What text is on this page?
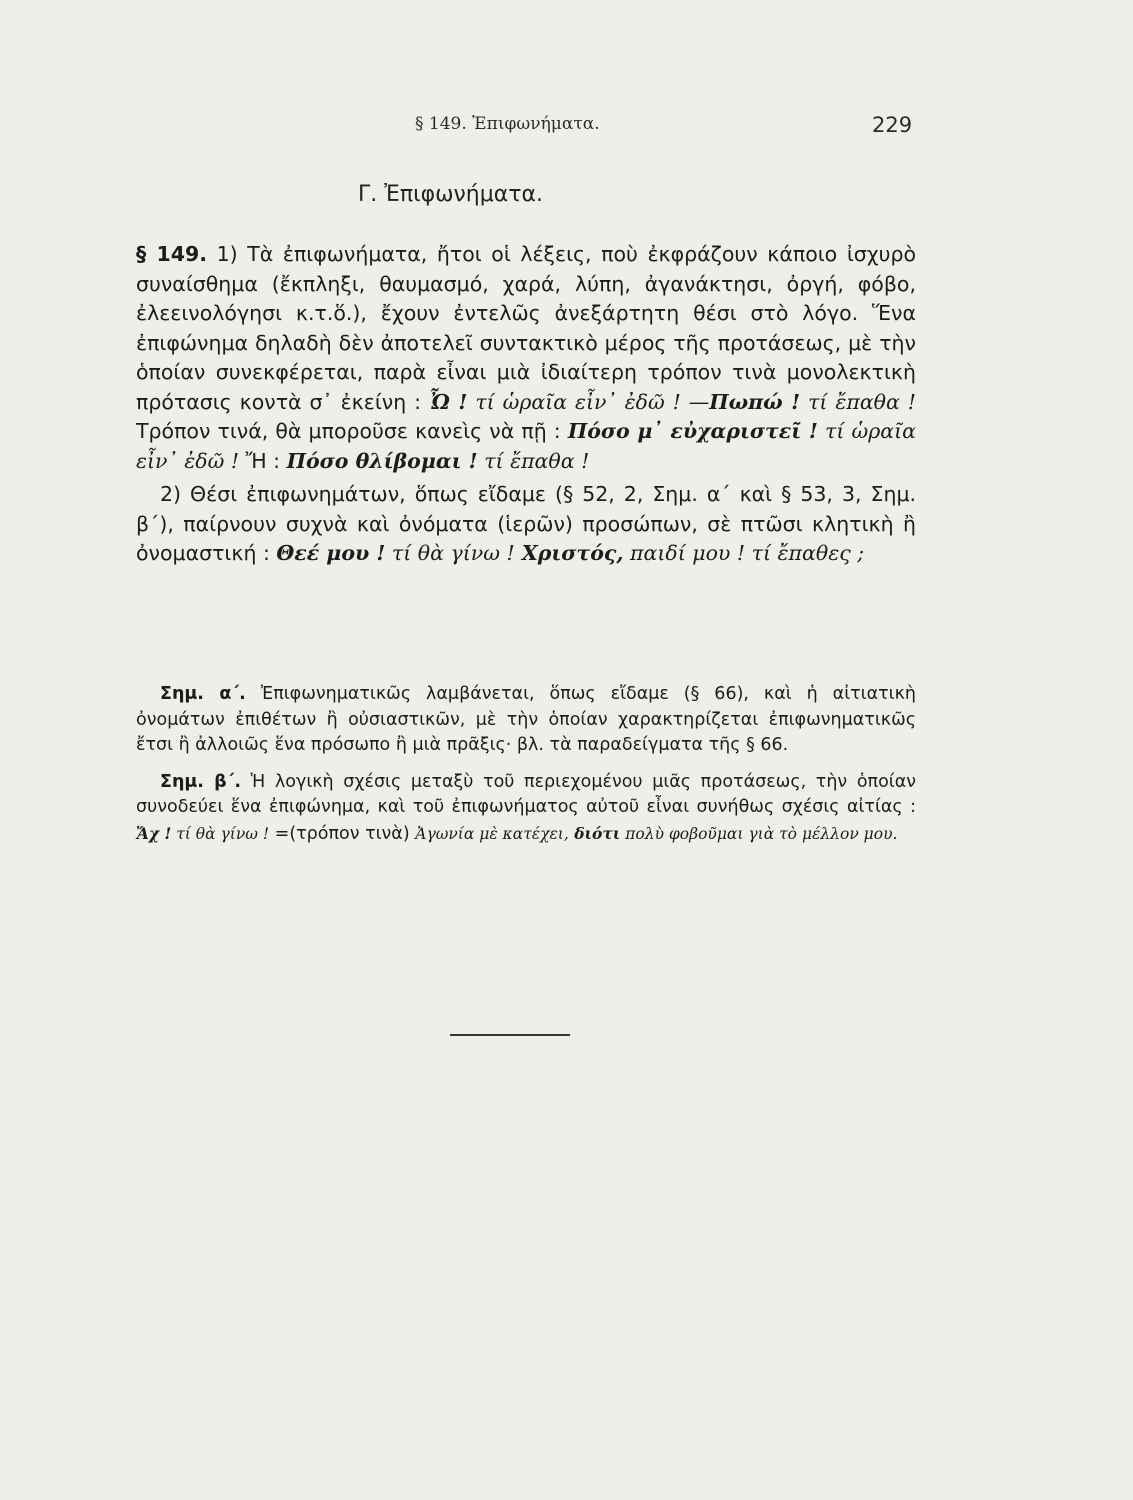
§ 149. Ἐπιφωνήματα.	229
Γ. Ἐπιφωνήματα.

§ 149. 1) Τὰ ἐπιφωνήματα, ἤτοι οἱ λέξεις, ποὺ ἐκφράζουν κάποιο ἰσχυρὸ συναίσθημα (ἔκπληξι, θαυμασμό, χαρά, λύπη, ἀγανάκτησι, ὀργή, φόβο, ἐλεεινολόγησι κ.τ.ὅ.), ἔχουν ἐντελῶς ἀνεξάρτητη θέσι στὸ λόγο. Ἕνα ἐπιφώνημα δηλαδὴ δὲν ἀποτελεῖ συντακτικὸ μέρος τῆς προτάσεως, μὲ τὴν ὁποίαν συνεκφέρεται, παρὰ εἶναι μιὰ ἰδιαίτερη τρόπον τινὰ μονολεκτικὴ πρότασις κοντὰ σ᾽ ἐκείνη : Ὦ ! τί ὡραῖα εἶν᾽ ἐδῶ ! —Πωπώ ! τί ἔπαθα ! Τρόπον τινά, θὰ μποροῦσε κανεὶς νὰ πῇ : Πόσο μ᾽ εὐχαριστεῖ ! τί ὡραῖα εἶν᾽ ἐδῶ ! Ἤ : Πόσο θλίβομαι ! τί ἔπαθα !

2) Θέσι ἐπιφωνημάτων, ὅπως εἴδαμε (§ 52, 2, Σημ. α΄ καὶ § 53, 3, Σημ. β΄), παίρνουν συχνὰ καὶ ὀνόματα (ἱερῶν) προσώπων, σὲ πτῶσι κλητικὴ ἢ ὀνομαστική : Θεέ μου ! τί θὰ γίνω ! Χριστός, παιδί μου ! τί ἔπαθες ;

Σημ. α΄. Ἐπιφωνηματικῶς λαμβάνεται, ὅπως εἴδαμε (§ 66), καὶ ἡ αἰτιατικὴ ὀνομάτων ἐπιθέτων ἢ οὐσιαστικῶν, μὲ τὴν ὁποίαν χαρακτηρίζεται ἐπιφωνηματικῶς ἔτσι ἢ ἀλλοιῶς ἕνα πρόσωπο ἢ μιὰ πρᾶξις· βλ. τὰ παραδείγματα τῆς § 66.

Σημ. β΄. Ἡ λογικὴ σχέσις μεταξὺ τοῦ περιεχομένου μιᾶς προτάσεως, τὴν ὁποίαν συνοδεύει ἕνα ἐπιφώνημα, καὶ τοῦ ἐπιφωνήματος αὐτοῦ εἶναι συνήθως σχέσις αἰτίας : Ἄχ ! τί θὰ γίνω ! =(τρόπον τινὰ) Ἀγωνία μὲ κατέχει, διότι πολὺ φοβοῦμαι γιὰ τὸ μέλλον μου.
